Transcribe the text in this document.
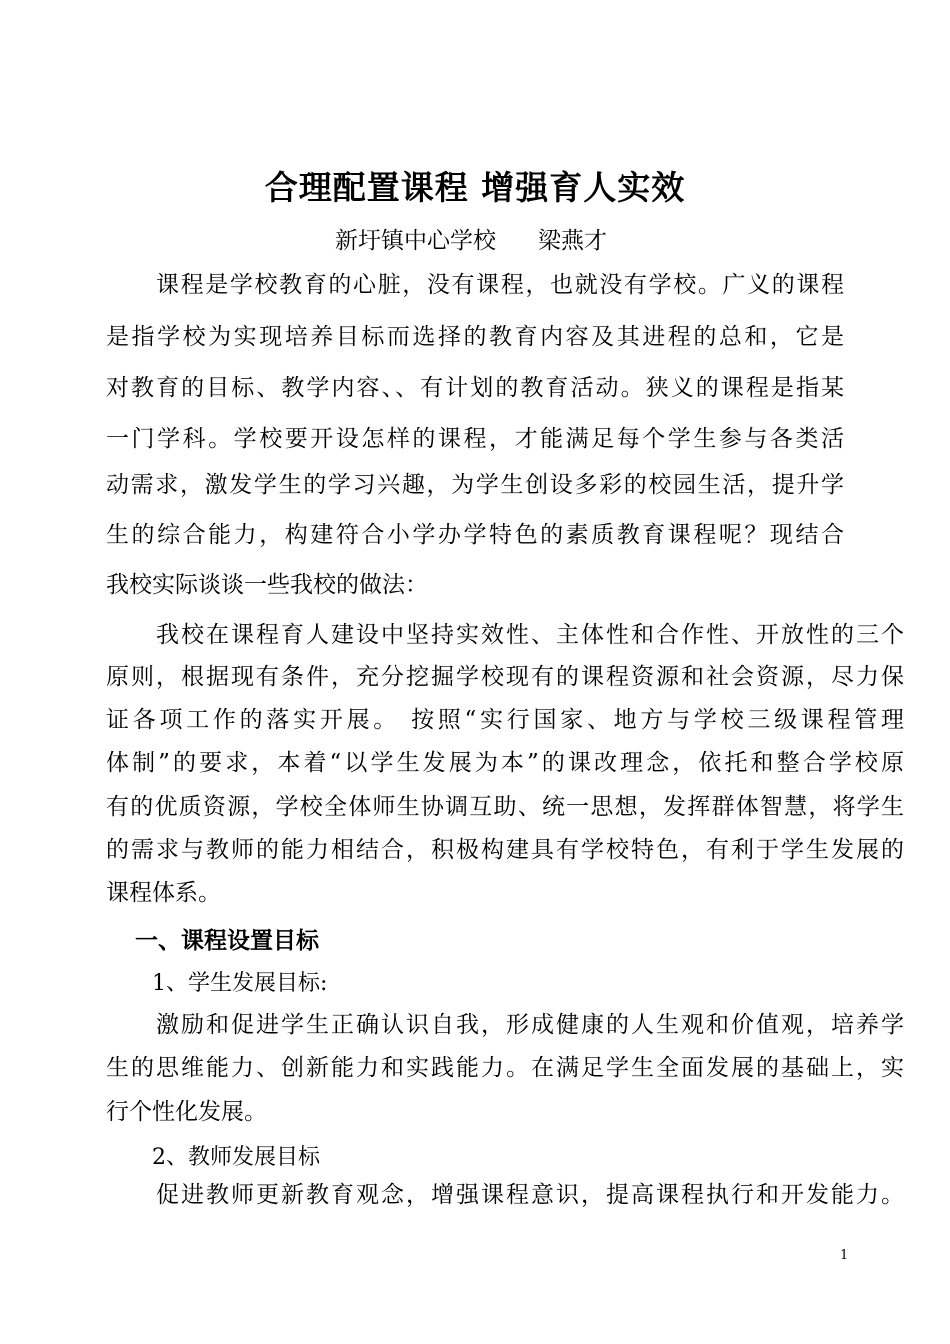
合理配置课程 增强育人实效
新圩镇中心学校 梁燕才
课程是学校教育的心脏，没有课程，也就没有学校。广义的课程
是指学校为实现培养目标而选择的教育内容及其进程的总和，它是
对教育的目标、教学内容、、有计划的教育活动。狭义的课程是指某
一门学科。学校要开设怎样的课程，才能满足每个学生参与各类活
动需求，激发学生的学习兴趣，为学生创设多彩的校园生活，提升学
生的综合能力，构建符合小学办学特色的素质教育课程呢？现结合
我校实际谈谈一些我校的做法：
我校在课程育人建设中坚持实效性、主体性和合作性、开放性的三个
原则，根据现有条件，充分挖掘学校现有的课程资源和社会资源，尽力保
证各项工作的落实开展。 按照“实行国家、地方与学校三级课程管理
体制”的要求，本着“以学生发展为本”的课改理念，依托和整合学校原
有的优质资源，学校全体师生协调互助、统一思想，发挥群体智慧，将学生
的需求与教师的能力相结合，积极构建具有学校特色，有利于学生发展的
课程体系。
一、课程设置目标
1、学生发展目标:
激励和促进学生正确认识自我，形成健康的人生观和价值观，培养学
生的思维能力、创新能力和实践能力。在满足学生全面发展的基础上，实
行个性化发展。
2、教师发展目标
促进教师更新教育观念，增强课程意识，提高课程执行和开发能力。
1
